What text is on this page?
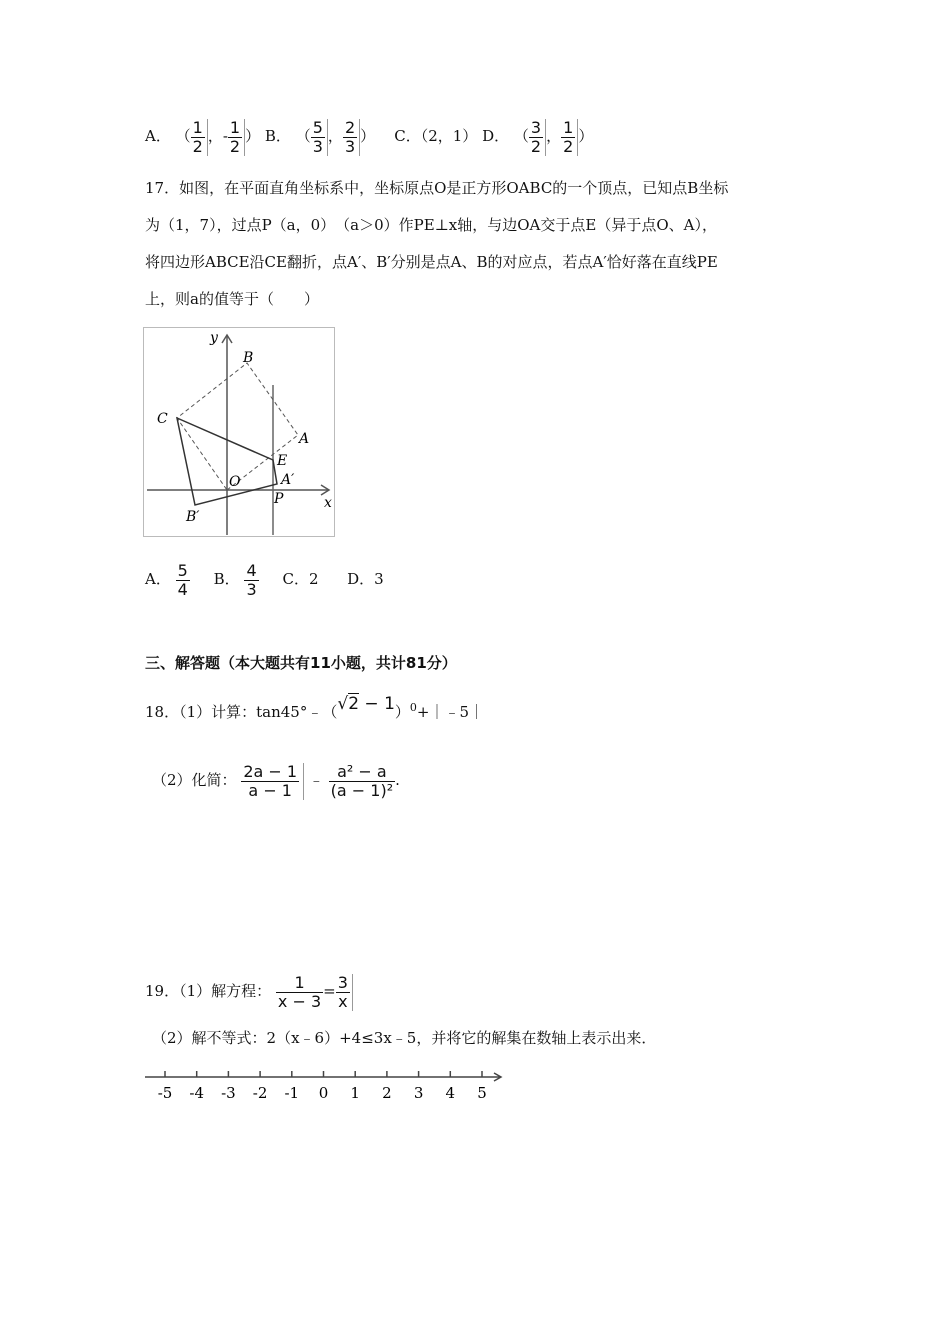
A． （ $\frac{1}{2}$ ，- $\frac{1}{2}$ ） B． （ $\frac{5}{3}$ ， $\frac{2}{3}$ ） C．（2，1） D． （ $\frac{3}{2}$ ， $\frac{1}{2}$ ）
17．如图，在平面直角坐标系中，坐标原点O是正方形OABC的一个顶点，已知点B坐标
为（1，7），过点P（a，0）　（a＞0）作PE⊥x轴，与边OA交于点E（异于点O、A），
将四边形ABCE沿CE翻折，点A′、B′分别是点A、B的对应点，若点A′恰好落在直线PE
上，则a的值等于（　　）
y
x
B
C
A
E
O	A′
P
B′
A． $\frac{5}{4}$ B． $\frac{4}{3}$ C．2 D．3
三、解答题（本大题共有11小题，共计81分）
18．（1）计算：tan45°﹣（√2 − 1）$^0$+｜﹣5｜
（2）化简： $\frac{2a - 1}{a - 1}$ ﹣ $\frac{\text{a² − a}}{\text{(a − 1)²}}$ .
19．（1）解方程： $\frac{1}{x - 3} = \frac{3}{x}$
（2）解不等式：2（x﹣6）+4≤3x﹣5，并将它的解集在数轴上表示出来．
-5 -4 -3 -2 -1 0 1 2 3 4 5
